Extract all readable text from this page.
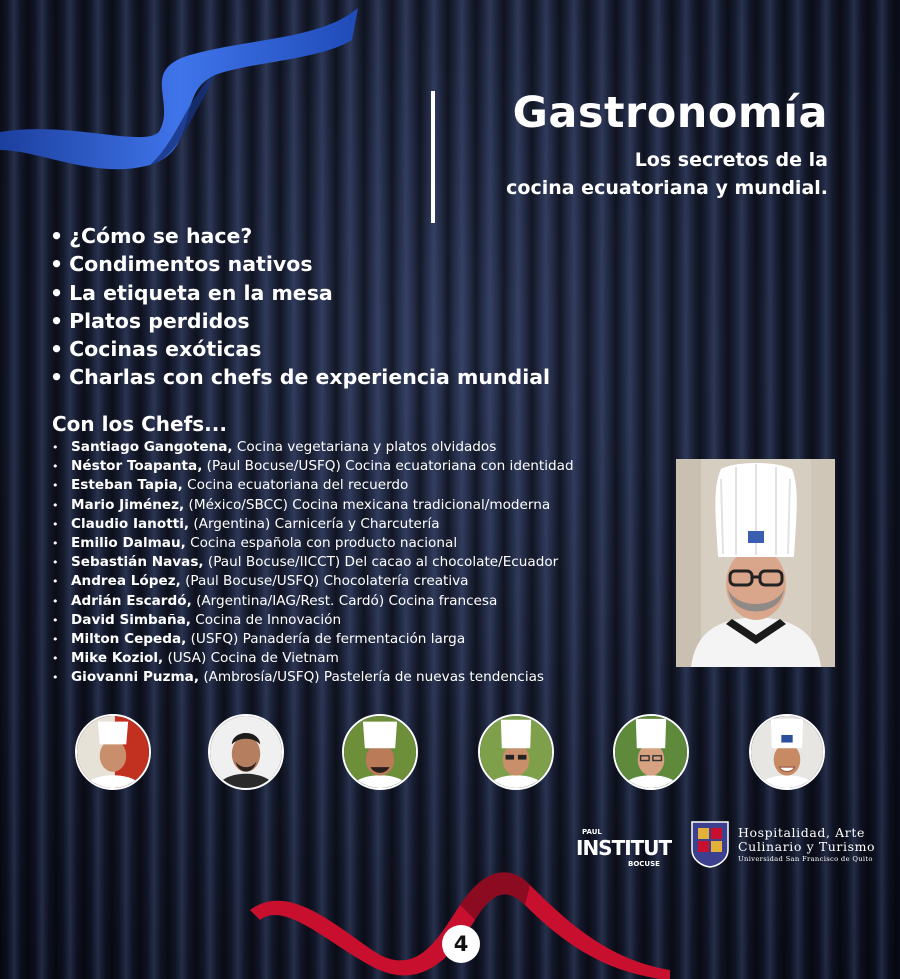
Gastronomía
Los secretos de la
cocina ecuatoriana y mundial.
• ¿Cómo se hace?
• Condimentos nativos
• La etiqueta en la mesa
• Platos perdidos
• Cocinas exóticas
• Charlas con chefs de experiencia mundial
Con los Chefs...
• Santiago Gangotena, Cocina vegetariana y platos olvidados
• Néstor Toapanta, (Paul Bocuse/USFQ) Cocina ecuatoriana con identidad
• Esteban Tapia, Cocina ecuatoriana del recuerdo
• Mario Jiménez, (México/SBCC) Cocina mexicana tradicional/moderna
• Claudio Ianotti, (Argentina) Carnicería y Charcutería
• Emilio Dalmau, Cocina española con producto nacional
• Sebastián Navas, (Paul Bocuse/IICCT) Del cacao al chocolate/Ecuador
• Andrea López, (Paul Bocuse/USFQ) Chocolatería creativa
• Adrián Escardó, (Argentina/IAG/Rest. Cardó) Cocina francesa
• David Simbaña, Cocina de Innovación
• Milton Cepeda, (USFQ) Panadería de fermentación larga
• Mike Koziol, (USA) Cocina de Vietnam
• Giovanni Puzma, (Ambrosía/USFQ) Pastelería de nuevas tendencias
PAUL
INSTITUT
BOCUSE
Hospitalidad, Arte
Culinario y Turismo
Universidad San Francisco de Quito
4
